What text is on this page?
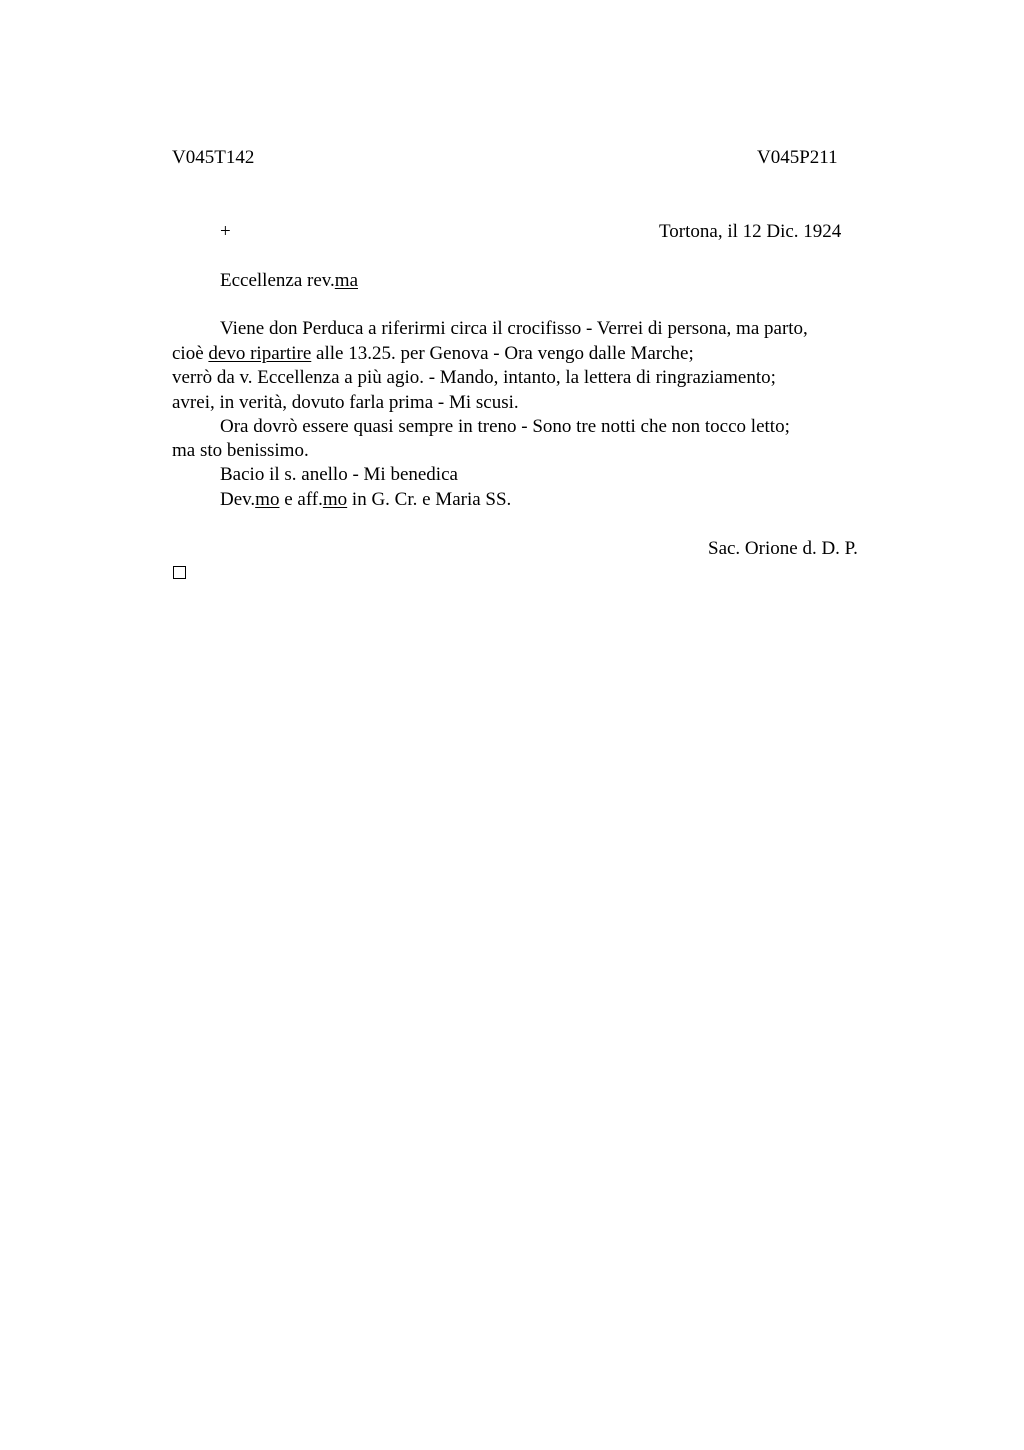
V045T142	V045P211
+	Tortona, il 12 Dic. 1924
Eccellenza rev.ma
Viene don Perduca a riferirmi circa il crocifisso - Verrei di persona, ma parto,
cioè devo ripartire alle 13.25. per Genova - Ora vengo dalle Marche;
verrò da v. Eccellenza a più agio. - Mando, intanto, la lettera di ringraziamento;
avrei, in verità, dovuto farla prima - Mi scusi.
Ora dovrò essere quasi sempre in treno - Sono tre notti che non tocco letto;
ma sto benissimo.
Bacio il s. anello - Mi benedica
Dev.mo e aff.mo in G. Cr. e Maria SS.
Sac. Orione d. D. P.
